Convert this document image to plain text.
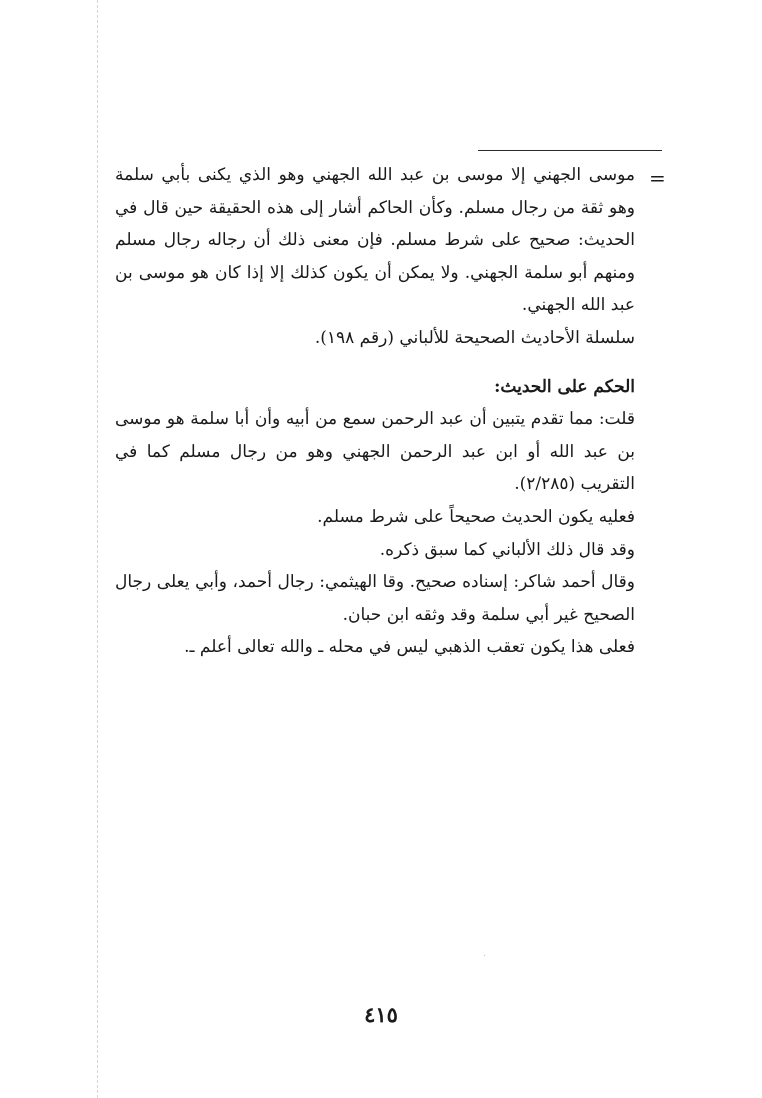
=

موسى الجهني إلا موسى بن عبد الله الجهني وهو الذي يكنى بأبي سلمة وهو ثقة من رجال مسلم. وكأن الحاكم أشار إلى هذه الحقيقة حين قال في الحديث: صحيح على شرط مسلم. فإن معنى ذلك أن رجاله رجال مسلم ومنهم أبو سلمة الجهني. ولا يمكن أن يكون كذلك إلا إذا كان هو موسى بن عبد الله الجهني.

سلسلة الأحاديث الصحيحة للألباني (رقم ١٩٨).

الحكم على الحديث:

قلت: مما تقدم يتبين أن عبد الرحمن سمع من أبيه وأن أبا سلمة هو موسى بن عبد الله أو ابن عبد الرحمن الجهني وهو من رجال مسلم كما في التقريب (٢/٢٨٥).

فعليه يكون الحديث صحيحاً على شرط مسلم.

وقد قال ذلك الألباني كما سبق ذكره.

وقال أحمد شاكر: إسناده صحيح. وقا الهيثمي: رجال أحمد، وأبي يعلى رجال الصحيح غير أبي سلمة وقد وثقه ابن حبان.

فعلى هذا يكون تعقب الذهبي ليس في محله ـ والله تعالى أعلم ـ.

.
٤١٥
